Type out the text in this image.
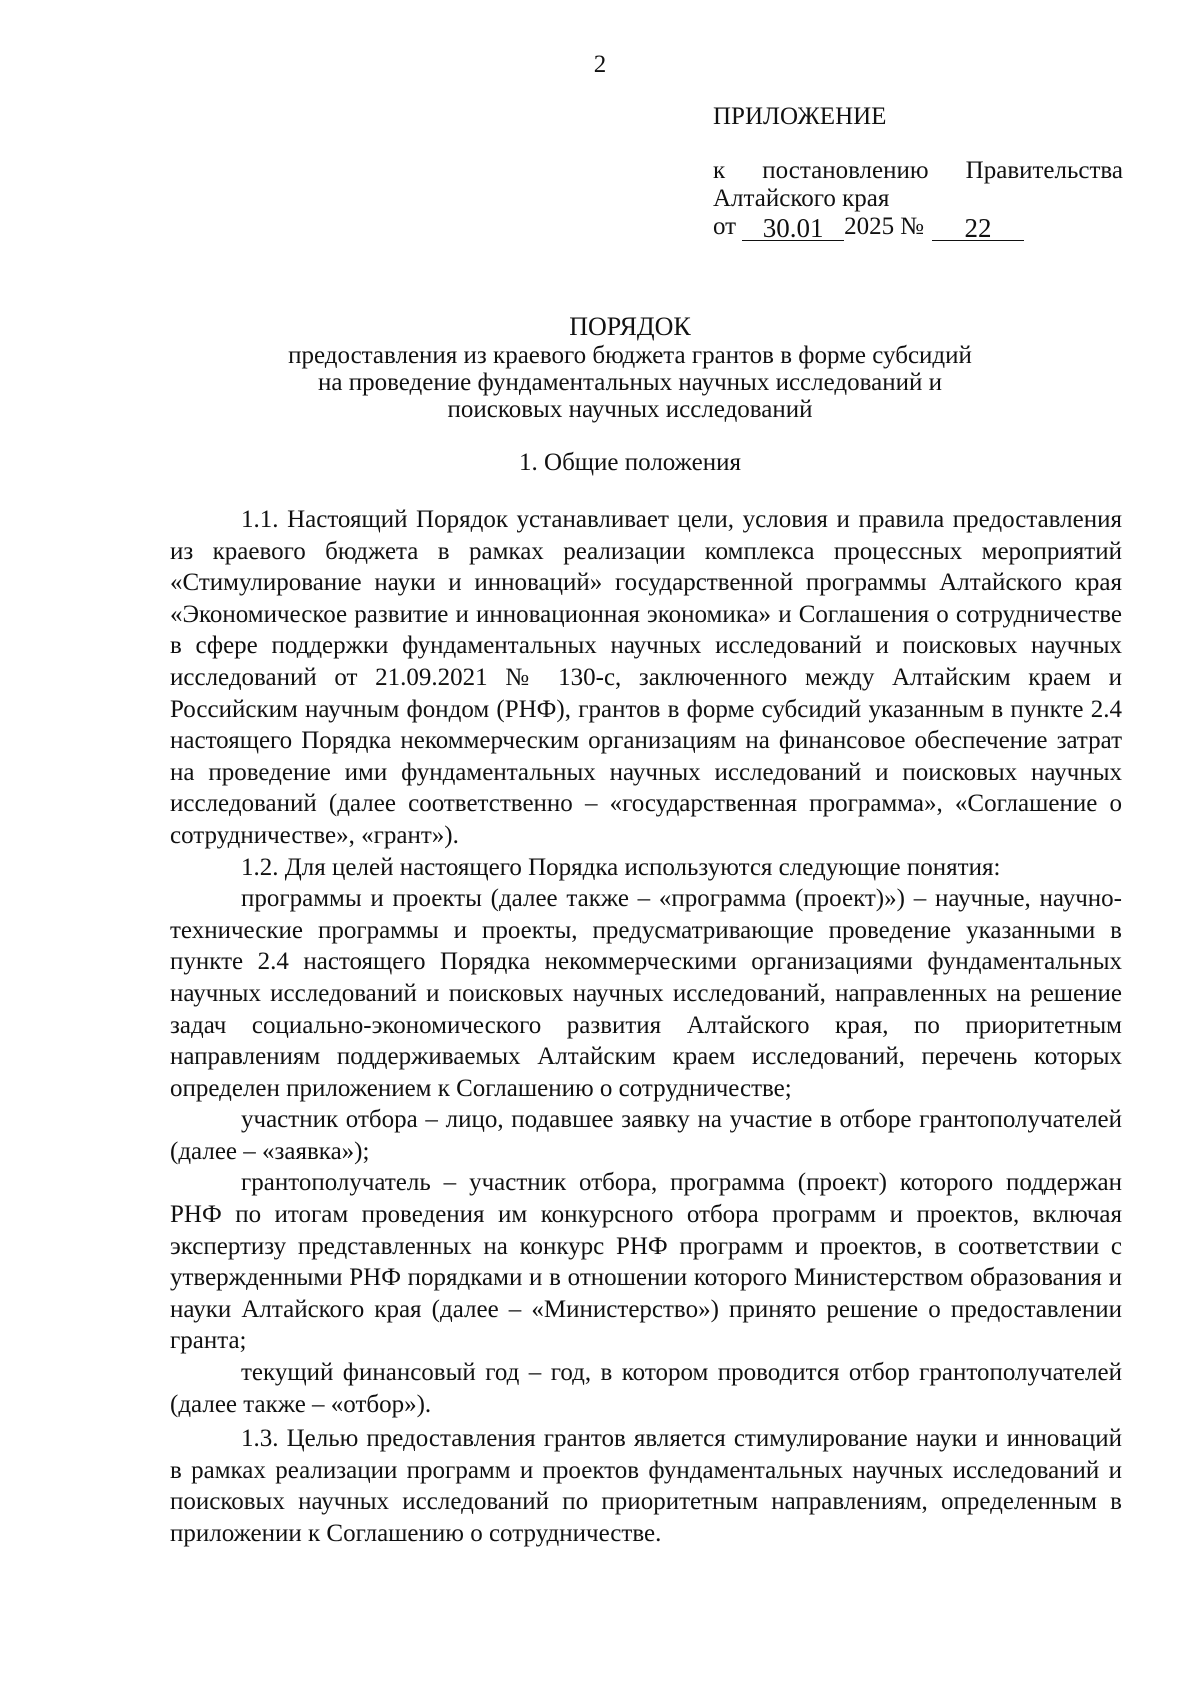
2
ПРИЛОЖЕНИЕ
к постановлению Правительства
Алтайского края
от 30.01 2025 №	22
ПОРЯДОК
предоставления из краевого бюджета грантов в форме субсидий
на проведение фундаментальных научных исследований и
поисковых научных исследований
1. Общие положения

1.1. Настоящий Порядок устанавливает цели, условия и правила предоставления из краевого бюджета в рамках реализации комплекса процессных мероприятий «Стимулирование науки и инноваций» государственной программы Алтайского края «Экономическое развитие и инновационная экономика» и Соглашения о сотрудничестве в сфере поддержки фундаментальных научных исследований и поисковых научных исследований от 21.09.2021 № 130-с, заключенного между Алтайским краем и Российским научным фондом (РНФ), грантов в форме субсидий указанным в пункте 2.4 настоящего Порядка некоммерческим организациям на финансовое обеспечение затрат на проведение ими фундаментальных научных исследований и поисковых научных исследований (далее соответственно – «государственная программа», «Соглашение о сотрудничестве», «грант»).

1.2. Для целей настоящего Порядка используются следующие понятия:

программы и проекты (далее также – «программа (проект)») – научные, научно-технические программы и проекты, предусматривающие проведение указанными в пункте 2.4 настоящего Порядка некоммерческими организациями фундаментальных научных исследований и поисковых научных исследований, направленных на решение задач социально-экономического развития Алтайского края, по приоритетным направлениям поддерживаемых Алтайским краем исследований, перечень которых определен приложением к Соглашению о сотрудничестве;

участник отбора – лицо, подавшее заявку на участие в отборе грантополучателей (далее – «заявка»);

грантополучатель – участник отбора, программа (проект) которого поддержан РНФ по итогам проведения им конкурсного отбора программ и проектов, включая экспертизу представленных на конкурс РНФ программ и проектов, в соответствии с утвержденными РНФ порядками и в отношении которого Министерством образования и науки Алтайского края (далее – «Министерство») принято решение о предоставлении гранта;

текущий финансовый год – год, в котором проводится отбор грантополучателей (далее также – «отбор»).

1.3. Целью предоставления грантов является стимулирование науки и инноваций в рамках реализации программ и проектов фундаментальных научных исследований и поисковых научных исследований по приоритетным направлениям, определенным в приложении к Соглашению о сотрудничестве.
